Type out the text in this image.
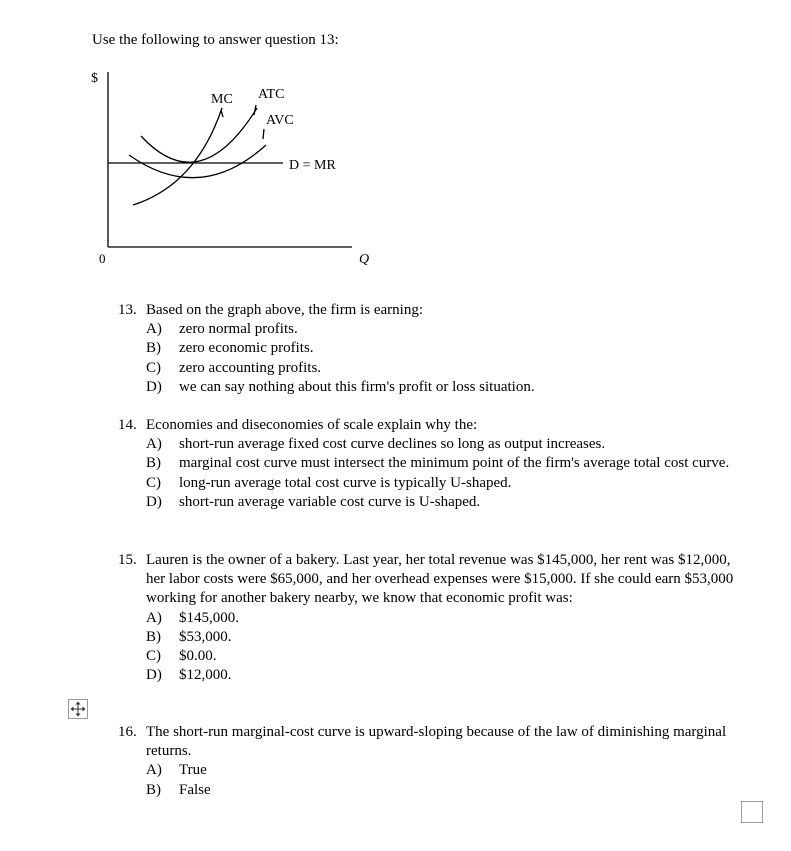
Use the following to answer question 13:
$
0	Q
MC ATC
AVC
D = MR
13. Based on the graph above, the firm is earning:
A)	zero normal profits.
B)	zero economic profits.
C)	zero accounting profits.
D)	we can say nothing about this firm's profit or loss situation.
14. Economies and diseconomies of scale explain why the:
A)	short-run average fixed cost curve declines so long as output increases.
B)	marginal cost curve must intersect the minimum point of the firm's average total cost curve.
C)	long-run average total cost curve is typically U-shaped.
D)	short-run average variable cost curve is U-shaped.
15. Lauren is the owner of a bakery. Last year, her total revenue was $145,000, her rent was $12,000, her labor costs were $65,000, and her overhead expenses were $15,000. If she could earn $53,000 working for another bakery nearby, we know that economic profit was:
A)	$145,000.
B)	$53,000.
C)	$0.00.
D)	$12,000.
16. The short-run marginal-cost curve is upward-sloping because of the law of diminishing marginal returns.
A)	True
B)	False
